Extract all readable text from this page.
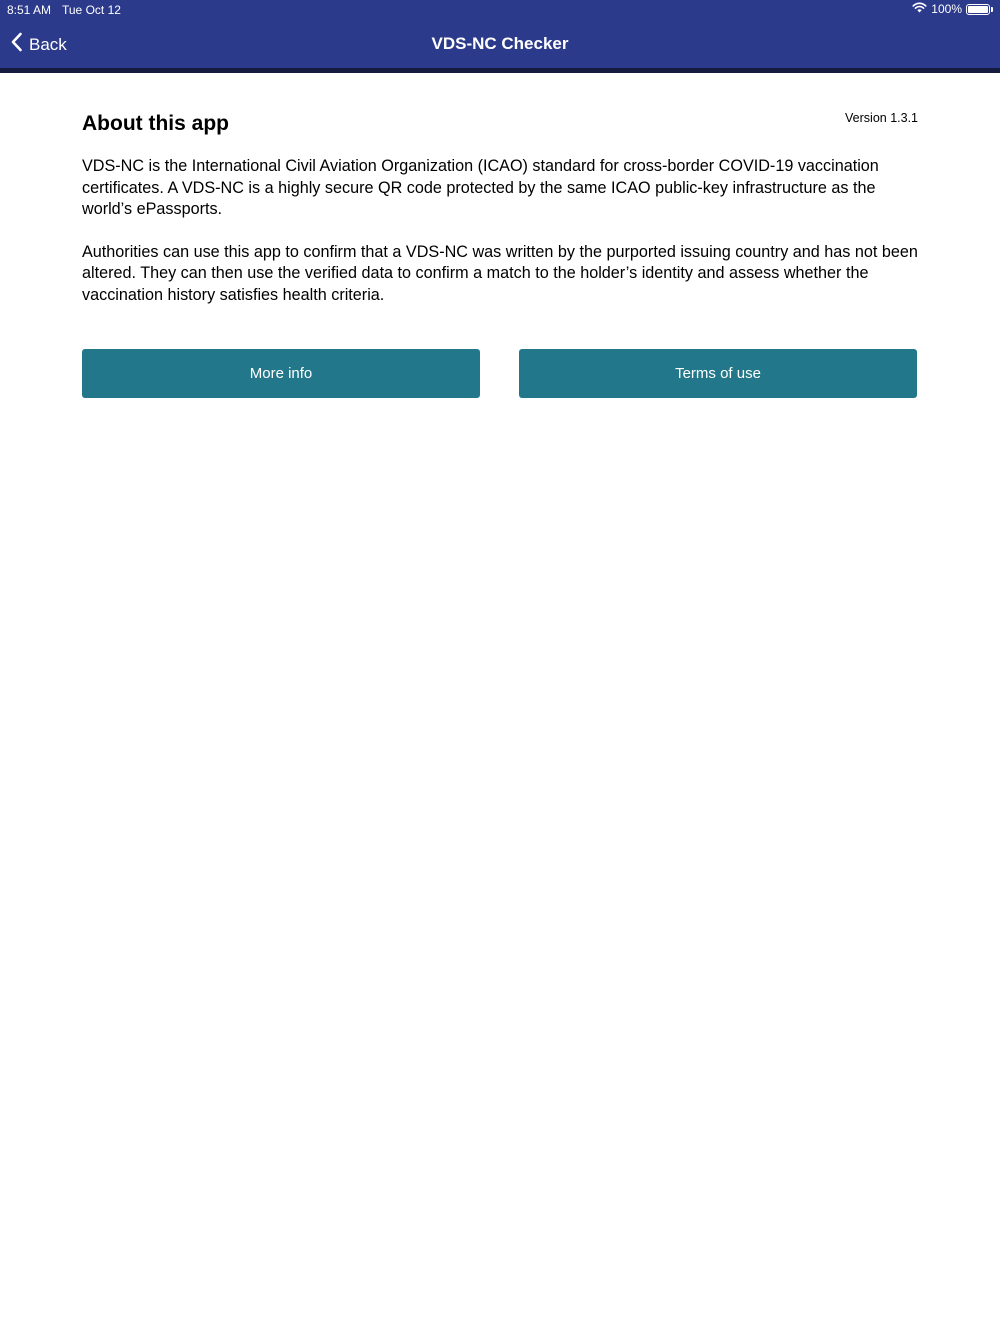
8:51 AM Tue Oct 12	100%
Back	VDS-NC Checker
About this app	Version 1.3.1

VDS-NC is the International Civil Aviation Organization (ICAO) standard for cross-border COVID-19 vaccination certificates. A VDS-NC is a highly secure QR code protected by the same ICAO public-key infrastructure as the world’s ePassports.

Authorities can use this app to confirm that a VDS-NC was written by the purported issuing country and has not been altered. They can then use the verified data to confirm a match to the holder’s identity and assess whether the vaccination history satisfies health criteria.

More info	Terms of use
